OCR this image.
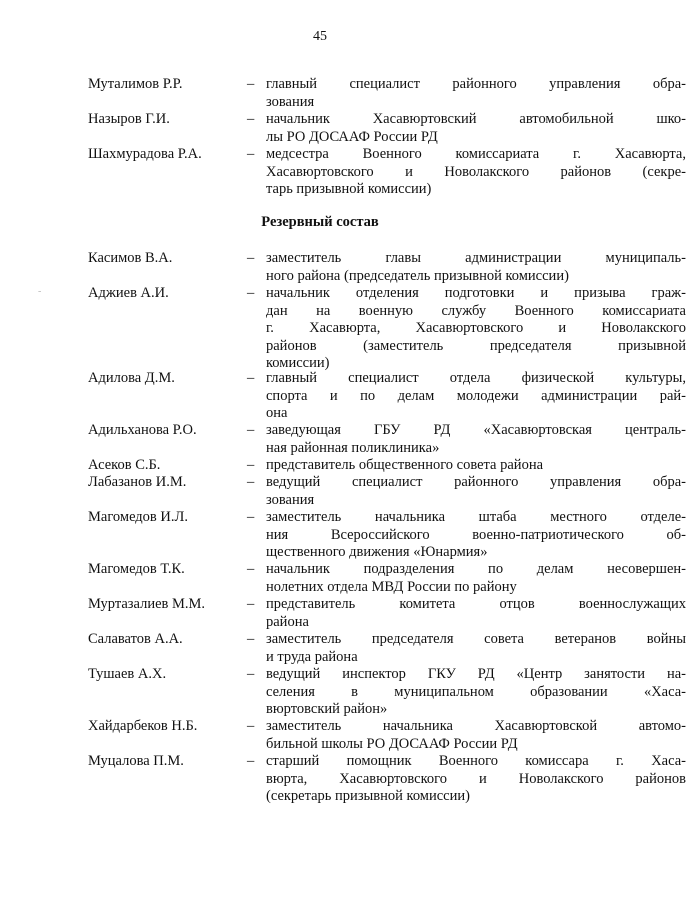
45
Муталимов Р.Р.	– главный специалист районного управления обра-
зования
Назыров Г.И.	– начальник Хасавюртовский автомобильной шко-
лы РО ДОСААФ России РД
Шахмурадова Р.А.	– медсестра Военного комиссариата г. Хасавюрта,
Хасавюртовского и Новолакского районов (секре-
тарь призывной комиссии)
Резервный состав
Касимов В.А.	– заместитель главы администрации муниципаль-
ного района (председатель призывной комиссии)
Аджиев А.И.	– начальник отделения подготовки и призыва граж-
дан на военную службу Военного комиссариата
г. Хасавюрта, Хасавюртовского и Новолакского
районов (заместитель председателя призывной
комиссии)
Адилова Д.М.	– главный специалист отдела физической культуры,
спорта и по делам молодежи администрации рай-
она
Адильханова Р.О.	– заведующая ГБУ РД «Хасавюртовская централь-
ная районная поликлиника»
Асеков С.Б.	– представитель общественного совета района
Лабазанов И.М.	– ведущий специалист районного управления обра-
зования
Магомедов И.Л.	– заместитель начальника штаба местного отделе-
ния Всероссийского военно-патриотического об-
щественного движения «Юнармия»
Магомедов Т.К.	– начальник подразделения по делам несовершен-
нолетних отдела МВД России по району
Муртазалиев М.М.	– представитель комитета отцов военнослужащих
района
Салаватов А.А.	– заместитель председателя совета ветеранов войны
и труда района
Тушаев А.Х.	– ведущий инспектор ГКУ РД «Центр занятости на-
селения в муниципальном образовании «Хаса-
вюртовский район»
Хайдарбеков Н.Б.	– заместитель начальника Хасавюртовской автомо-
бильной школы РО ДОСААФ России РД
Муцалова П.М.	– старший помощник Военного комиссара г. Хаса-
вюрта, Хасавюртовского и Новолакского районов
(секретарь призывной комиссии)
-
